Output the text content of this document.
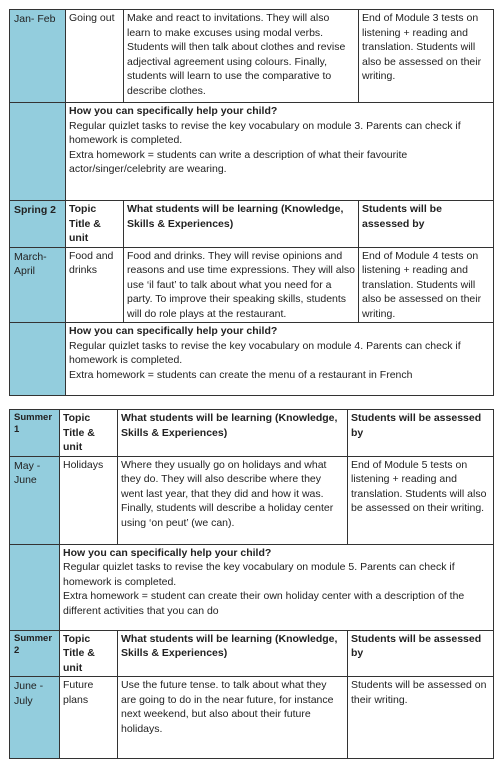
Jan- Feb	Going out	Make and react to invitations. They will also learn to make excuses using modal verbs. Students will then talk about clothes and revise adjectival agreement using colours. Finally, students will learn to use the comparative to describe clothes.	End of Module 3 tests on listening + reading and translation. Students will also be assessed on their writing.

	How you can specifically help your child?
Regular quizlet tasks to revise the key vocabulary on module 3. Parents can check if homework is completed.
Extra homework = students can write a description of what their favourite actor/singer/celebrity are wearing.		

Spring 2	Topic Title & unit	What students will be learning (Knowledge, Skills & Experiences)	Students will be assessed by
March-April	Food and drinks	Food and drinks. They will revise opinions and reasons and use time expressions. They will also use ‘il faut’ to talk about what you need for a party. To improve their speaking skills, students will do role plays at the restaurant.	End of Module 4 tests on listening + reading and translation. Students will also be assessed on their writing.

	How you can specifically help your child?
Regular quizlet tasks to revise the key vocabulary on module 4. Parents can check if homework is completed.
Extra homework = students can create the menu of a restaurant in French		
Summer 1	Topic Title & unit	What students will be learning (Knowledge, Skills & Experiences)	Students will be assessed by
May - June	Holidays	Where they usually go on holidays and what they do. They will also describe where they went last year, that they did and how it was. Finally, students will describe a holiday center using ‘on peut’ (we can).	End of Module 5 tests on listening + reading and translation. Students will also be assessed on their writing.

	How you can specifically help your child?
Regular quizlet tasks to revise the key vocabulary on module 5. Parents can check if homework is completed.
Extra homework = student can create their own holiday center with a description of the different activities that you can do		

Summer 2	Topic Title & unit	What students will be learning (Knowledge, Skills & Experiences)	Students will be assessed by
June - July	Future plans	Use the future tense. to talk about what they are going to do in the near future, for instance next weekend, but also about their future holidays.	Students will be assessed on their writing.
